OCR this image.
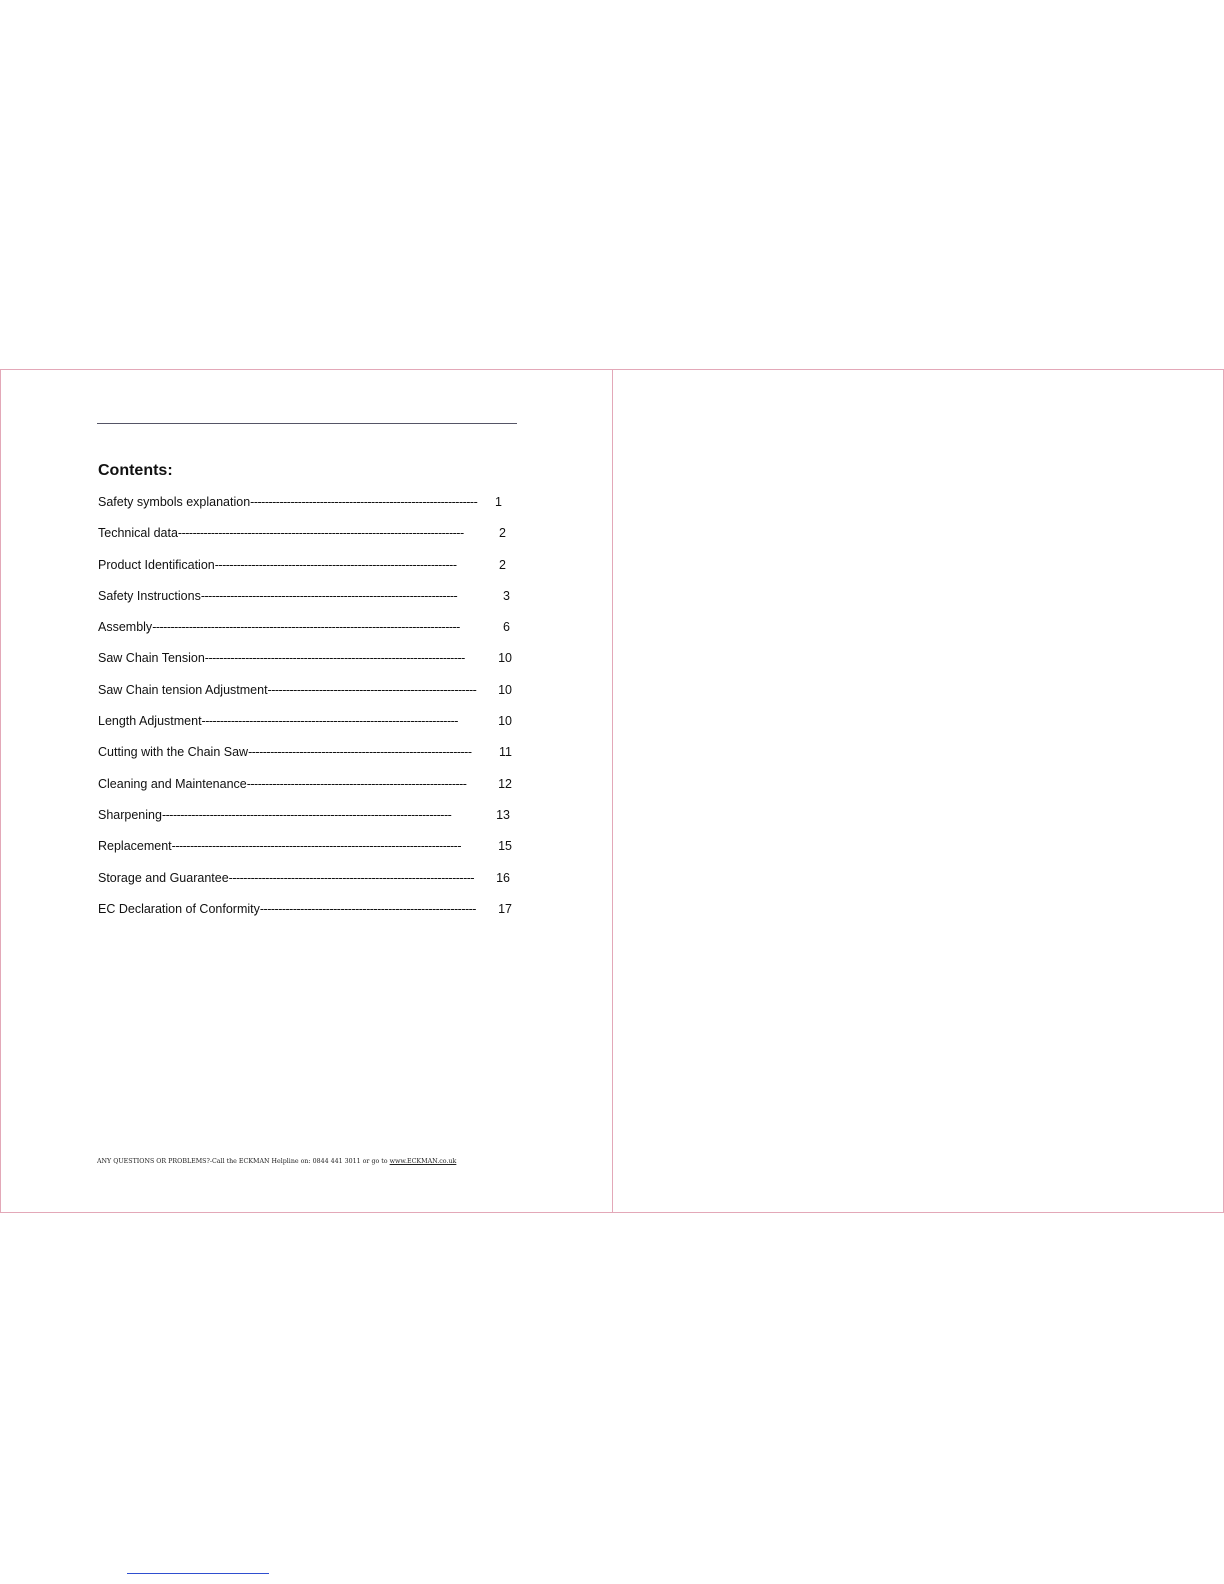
Contents:
Safety symbols explanation --------------------------------------------------------------	1
Technical data ------------------------------------------------------------------------------	2
Product Identification ------------------------------------------------------------------	2
Safety Instructions ----------------------------------------------------------------------	3
Assembly ------------------------------------------------------------------------------------	6
Saw Chain Tension -----------------------------------------------------------------------	10
Saw Chain tension Adjustment ---------------------------------------------------------	10
Length Adjustment ----------------------------------------------------------------------	10
Cutting with the Chain Saw -------------------------------------------------------------	11
Cleaning and Maintenance ------------------------------------------------------------	12
Sharpening -------------------------------------------------------------------------------	13
Replacement -------------------------------------------------------------------------------	15
Storage and Guarantee -------------------------------------------------------------------	16
EC Declaration of Conformity -----------------------------------------------------------	17
ANY QUESTIONS OR PROBLEMS?-Call the ECKMAN Helpline on: 0844 441 3011 or go to www.ECKMAN.co.uk
